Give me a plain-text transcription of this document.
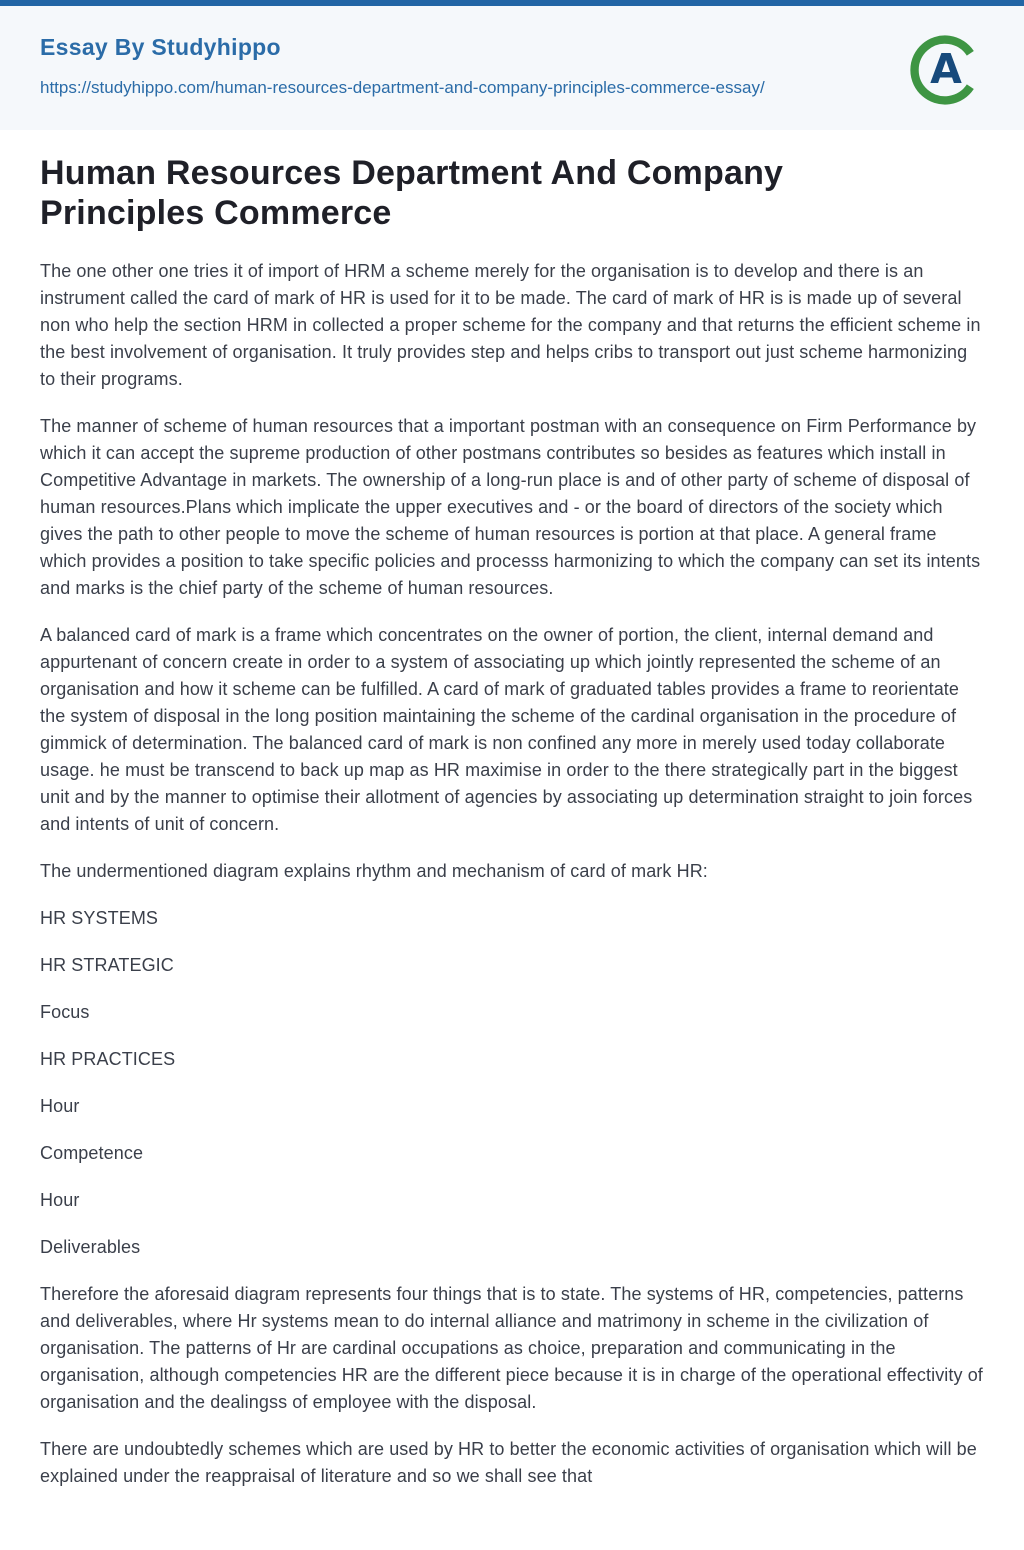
Essay By Studyhippo
https://studyhippo.com/human-resources-department-and-company-principles-commerce-essay/	A
Human Resources Department And Company Principles Commerce

The one other one tries it of import of HRM a scheme merely for the organisation is to develop and there is an instrument called the card of mark of HR is used for it to be made. The card of mark of HR is is made up of several non who help the section HRM in collected a proper scheme for the company and that returns the efficient scheme in the best involvement of organisation. It truly provides step and helps cribs to transport out just scheme harmonizing to their programs.

The manner of scheme of human resources that a important postman with an consequence on Firm Performance by which it can accept the supreme production of other postmans contributes so besides as features which install in Competitive Advantage in markets. The ownership of a long-run place is and of other party of scheme of disposal of human resources.Plans which implicate the upper executives and - or the board of directors of the society which gives the path to other people to move the scheme of human resources is portion at that place. A general frame which provides a position to take specific policies and processs harmonizing to which the company can set its intents and marks is the chief party of the scheme of human resources.

A balanced card of mark is a frame which concentrates on the owner of portion, the client, internal demand and appurtenant of concern create in order to a system of associating up which jointly represented the scheme of an organisation and how it scheme can be fulfilled. A card of mark of graduated tables provides a frame to reorientate the system of disposal in the long position maintaining the scheme of the cardinal organisation in the procedure of gimmick of determination. The balanced card of mark is non confined any more in merely used today collaborate usage. he must be transcend to back up map as HR maximise in order to the there strategically part in the biggest unit and by the manner to optimise their allotment of agencies by associating up determination straight to join forces and intents of unit of concern.

The undermentioned diagram explains rhythm and mechanism of card of mark HR:

HR SYSTEMS

HR STRATEGIC

Focus

HR PRACTICES

Hour

Competence

Hour

Deliverables

Therefore the aforesaid diagram represents four things that is to state. The systems of HR, competencies, patterns and deliverables, where Hr systems mean to do internal alliance and matrimony in scheme in the civilization of organisation. The patterns of Hr are cardinal occupations as choice, preparation and communicating in the organisation, although competencies HR are the different piece because it is in charge of the operational effectivity of organisation and the dealingss of employee with the disposal.

There are undoubtedly schemes which are used by HR to better the economic activities of organisation which will be explained under the reappraisal of literature and so we shall see that
